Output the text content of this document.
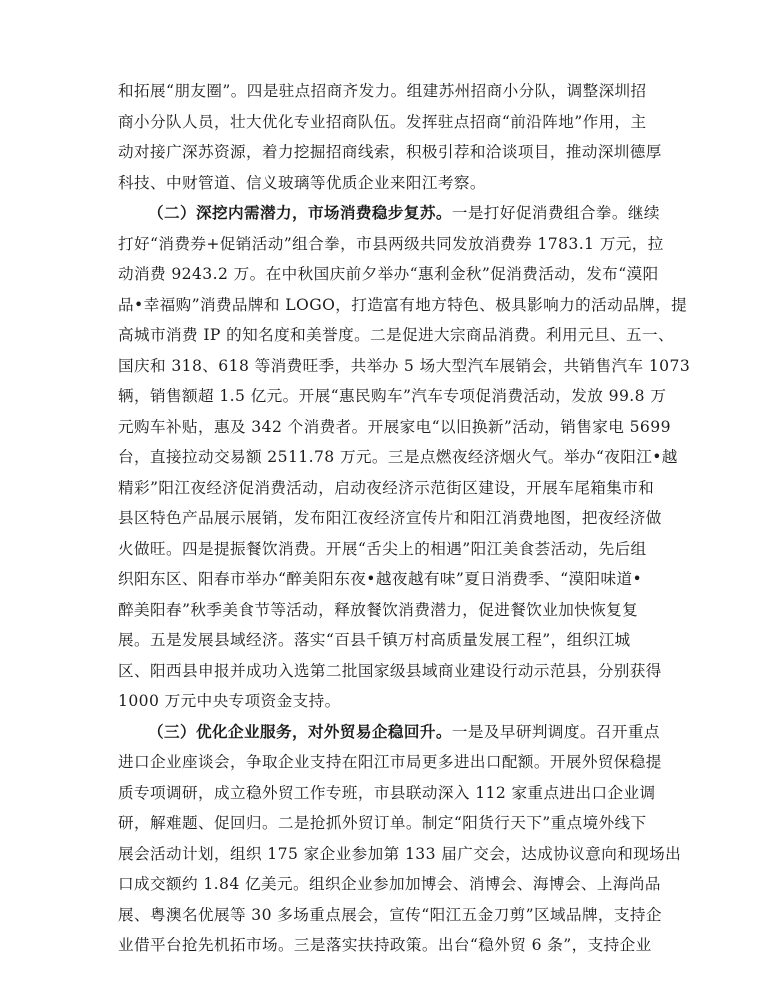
和拓展“朋友圈”。四是驻点招商齐发力。组建苏州招商小分队，调整深圳招
商小分队人员，壮大优化专业招商队伍。发挥驻点招商“前沿阵地”作用，主
动对接广深苏资源，着力挖掘招商线索，积极引荐和洽谈项目，推动深圳德厚
科技、中财管道、信义玻璃等优质企业来阳江考察。
（二）深挖内需潜力，市场消费稳步复苏。一是打好促消费组合拳。继续
打好“消费券+促销活动”组合拳，市县两级共同发放消费券 1783.1 万元，拉
动消费 9243.2 万。在中秋国庆前夕举办“惠利金秋”促消费活动，发布“漠阳
品•幸福购”消费品牌和 LOGO，打造富有地方特色、极具影响力的活动品牌，提
高城市消费 IP 的知名度和美誉度。二是促进大宗商品消费。利用元旦、五一、
国庆和 318、618 等消费旺季，共举办 5 场大型汽车展销会，共销售汽车 1073
辆，销售额超 1.5 亿元。开展“惠民购车”汽车专项促消费活动，发放 99.8 万
元购车补贴，惠及 342 个消费者。开展家电“以旧换新”活动，销售家电 5699
台，直接拉动交易额 2511.78 万元。三是点燃夜经济烟火气。举办“夜阳江•越
精彩”阳江夜经济促消费活动，启动夜经济示范街区建设，开展车尾箱集市和
县区特色产品展示展销，发布阳江夜经济宣传片和阳江消费地图，把夜经济做
火做旺。四是提振餐饮消费。开展“舌尖上的相遇”阳江美食荟活动，先后组
织阳东区、阳春市举办“醉美阳东夜•越夜越有味”夏日消费季、“漠阳味道•
醉美阳春”秋季美食节等活动，释放餐饮消费潜力，促进餐饮业加快恢复复
展。五是发展县域经济。落实“百县千镇万村高质量发展工程”，组织江城
区、阳西县申报并成功入选第二批国家级县域商业建设行动示范县，分别获得
1000 万元中央专项资金支持。
（三）优化企业服务，对外贸易企稳回升。一是及早研判调度。召开重点
进口企业座谈会，争取企业支持在阳江市局更多进出口配额。开展外贸保稳提
质专项调研，成立稳外贸工作专班，市县联动深入 112 家重点进出口企业调
研，解难题、促回归。二是抢抓外贸订单。制定“阳货行天下”重点境外线下
展会活动计划，组织 175 家企业参加第 133 届广交会，达成协议意向和现场出
口成交额约 1.84 亿美元。组织企业参加加博会、消博会、海博会、上海尚品
展、粤澳名优展等 30 多场重点展会，宣传“阳江五金刀剪”区域品牌，支持企
业借平台抢先机拓市场。三是落实扶持政策。出台“稳外贸 6 条”，支持企业
